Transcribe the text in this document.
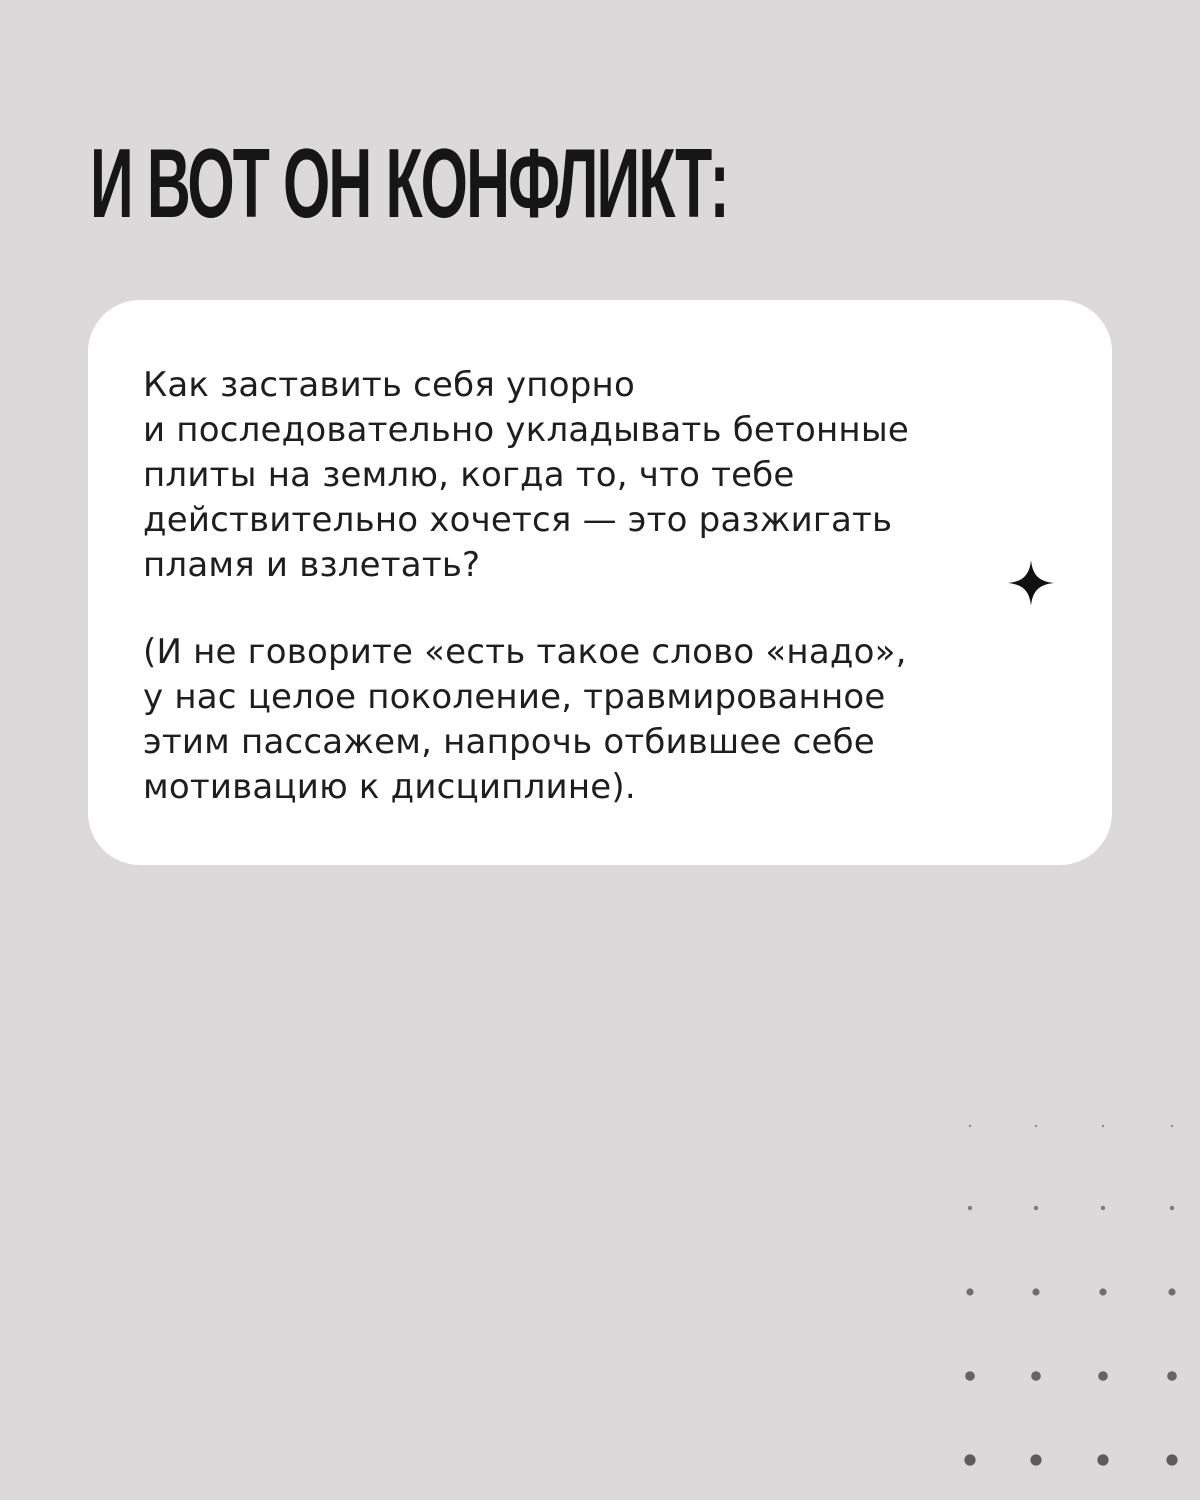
И ВОТ ОН КОНФЛИКТ:

Как заставить себя упорно
и последовательно укладывать бетонные
плиты на землю, когда то, что тебе
действительно хочется — это разжигать
пламя и взлетать?

(И не говорите «есть такое слово «надо»,
у нас целое поколение, травмированное
этим пассажем, напрочь отбившее себе
мотивацию к дисциплине).
